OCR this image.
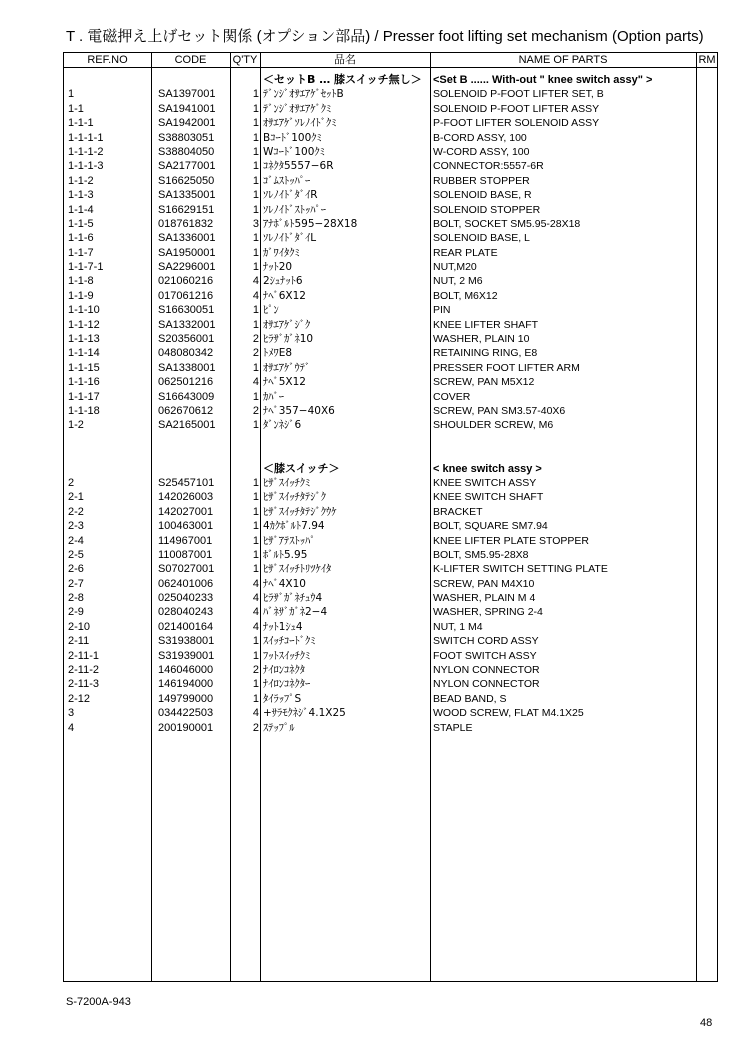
T . 電磁押え上げセット関係 (オプション部品) / Presser foot lifting set mechanism (Option parts)
REF.NO	CODE	Q'TY	品名	NAME OF PARTS	RM
＜セットB … 膝スイッチ無し＞	<Set B ...... With-out " knee switch assy" >
1	SA1397001	1 ﾃﾞﾝｼﾞｵｻｴｱｹﾞｾｯﾄB	SOLENOID P-FOOT LIFTER SET, B
1-1	SA1941001	1 ﾃﾞﾝｼﾞｵｻｴｱｹﾞｸﾐ	SOLENOID P-FOOT LIFTER ASSY
1-1-1	SA1942001	1 ｵｻｴｱｹﾞｿﾚﾉｲﾄﾞｸﾐ	P-FOOT LIFTER SOLENOID ASSY
1-1-1-1	S38803051	1 Bｺｰﾄﾞ100ｸﾐ	B-CORD ASSY, 100
1-1-1-2	S38804050	1 Wｺｰﾄﾞ100ｸﾐ	W-CORD ASSY, 100
1-1-1-3	SA2177001	1 ｺﾈｸﾀ5557−6R	CONNECTOR:5557-6R
1-1-2	S16625050	1 ｺﾞﾑｽﾄｯﾊﾟｰ	RUBBER STOPPER
1-1-3	SA1335001	1 ｿﾚﾉｲﾄﾞﾀﾞｲR	SOLENOID BASE, R
1-1-4	S16629151	1 ｿﾚﾉｲﾄﾞｽﾄｯﾊﾟｰ	SOLENOID STOPPER
1-1-5	018761832	3 ｱﾅﾎﾞﾙﾄ595−28X18	BOLT, SOCKET SM5.95-28X18
1-1-6	SA1336001	1 ｿﾚﾉｲﾄﾞﾀﾞｲL	SOLENOID BASE, L
1-1-7	SA1950001	1 ｶﾞﾜｲﾀｸﾐ	REAR PLATE
1-1-7-1	SA2296001	1 ﾅｯﾄ20	NUT,M20
1-1-8	021060216	4 2ｼｭﾅｯﾄ6	NUT, 2 M6
1-1-9	017061216	4 ﾅﾍﾞ6X12	BOLT, M6X12
1-1-10	S16630051	1 ﾋﾟﾝ	PIN
1-1-12	SA1332001	1 ｵｻｴｱｹﾞｼﾞｸ	KNEE LIFTER SHAFT
1-1-13	S20356001	2 ﾋﾗｻﾞｶﾞﾈ10	WASHER, PLAIN 10
1-1-14	048080342	2 ﾄﾒﾜE8	RETAINING RING, E8
1-1-15	SA1338001	1 ｵｻｴｱｹﾞｳﾃﾞ	PRESSER FOOT LIFTER ARM
1-1-16	062501216	4 ﾅﾍﾞ5X12	SCREW, PAN M5X12
1-1-17	S16643009	1 ｶﾊﾞｰ	COVER
1-1-18	062670612	2 ﾅﾍﾞ357−40X6	SCREW, PAN SM3.57-40X6
1-2	SA2165001	1 ﾀﾞﾝﾈｼﾞ6	SHOULDER SCREW, M6
＜膝スイッチ＞	< knee switch assy >
2	S25457101	1 ﾋｻﾞｽｲｯﾁｸﾐ	KNEE SWITCH ASSY
2-1	142026003	1 ﾋｻﾞｽｲｯﾁﾀﾃｼﾞｸ	KNEE SWITCH SHAFT
2-2	142027001	1 ﾋｻﾞｽｲｯﾁﾀﾃｼﾞｸｳｹ	BRACKET
2-3	100463001	1 4ｶｸﾎﾞﾙﾄ7.94	BOLT, SQUARE SM7.94
2-4	114967001	1 ﾋｻﾞｱﾃｽﾄｯﾊﾟ	KNEE LIFTER PLATE STOPPER
2-5	110087001	1 ﾎﾞﾙﾄ5.95	BOLT, SM5.95-28X8
2-6	S07027001	1 ﾋｻﾞｽｲｯﾁﾄﾘﾂｹｲﾀ	K-LIFTER SWITCH SETTING PLATE
2-7	062401006	4 ﾅﾍﾞ4X10	SCREW, PAN M4X10
2-8	025040233	4 ﾋﾗｻﾞｶﾞﾈﾁｭｳ4	WASHER, PLAIN M 4
2-9	028040243	4 ﾊﾞﾈｻﾞｶﾞﾈ2−4	WASHER, SPRING 2-4
2-10	021400164	4 ﾅｯﾄ1ｼｭ4	NUT, 1 M4
2-11	S31938001	1 ｽｲｯﾁｺｰﾄﾞｸﾐ	SWITCH CORD ASSY
2-11-1	S31939001	1 ﾌｯﾄｽｲｯﾁｸﾐ	FOOT SWITCH ASSY
2-11-2	146046000	2 ﾅｲﾛﾝｺﾈｸﾀ	NYLON CONNECTOR
2-11-3	146194000	1 ﾅｲﾛﾝｺﾈｸﾀｰ	NYLON CONNECTOR
2-12	149799000	1 ﾀｲﾗｯﾌﾟS	BEAD BAND, S
3	034422503	4 +ｻﾗﾓｸﾈｼﾞ4.1X25	WOOD SCREW, FLAT M4.1X25
4	200190001	2 ｽﾃｯﾌﾟﾙ	STAPLE
S-7200A-943
48
